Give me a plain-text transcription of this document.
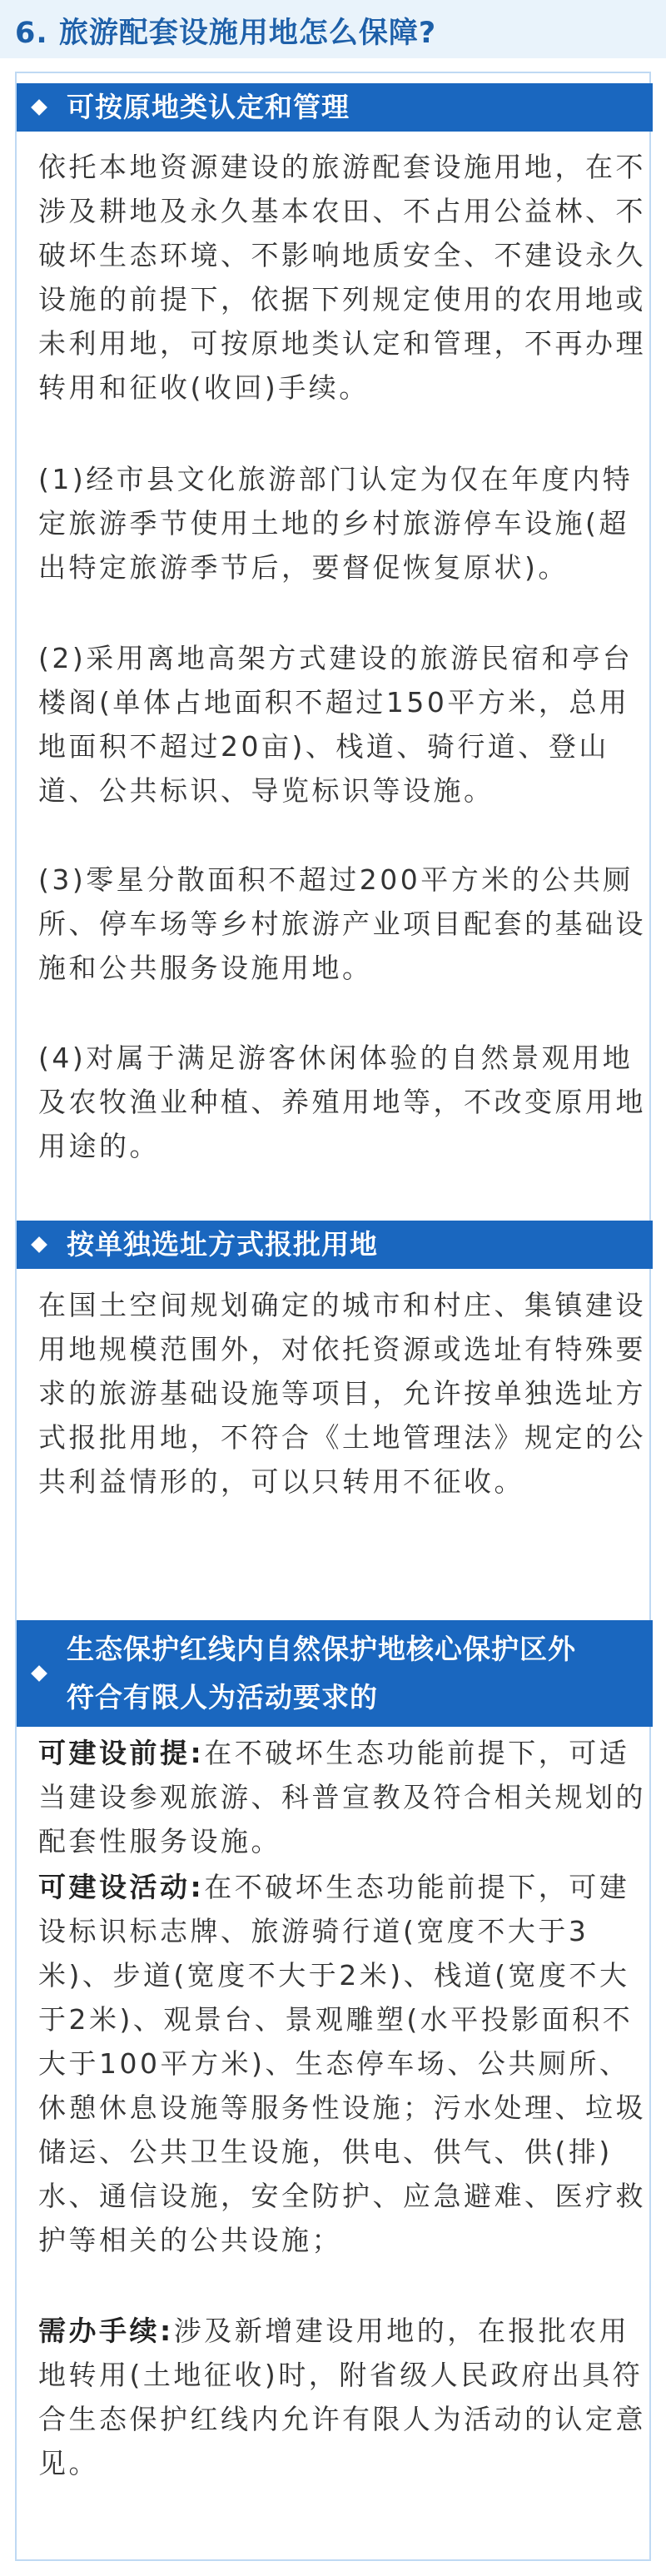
6. 旅游配套设施用地怎么保障?
可按原地类认定和管理

依托本地资源建设的旅游配套设施用地，在不涉及耕地及永久基本农田、不占用公益林、不破坏生态环境、不影响地质安全、不建设永久设施的前提下，依据下列规定使用的农用地或未利用地，可按原地类认定和管理，不再办理转用和征收(收回)手续。

(1)经市县文化旅游部门认定为仅在年度内特定旅游季节使用土地的乡村旅游停车设施(超出特定旅游季节后，要督促恢复原状)。

(2)采用离地高架方式建设的旅游民宿和亭台楼阁(单体占地面积不超过150平方米，总用地面积不超过20亩)、栈道、骑行道、登山道、公共标识、导览标识等设施。

(3)零星分散面积不超过200平方米的公共厕所、停车场等乡村旅游产业项目配套的基础设施和公共服务设施用地。

(4)对属于满足游客休闲体验的自然景观用地及农牧渔业种植、养殖用地等，不改变原用地用途的。

按单独选址方式报批用地

在国土空间规划确定的城市和村庄、集镇建设用地规模范围外，对依托资源或选址有特殊要求的旅游基础设施等项目，允许按单独选址方式报批用地，不符合《土地管理法》规定的公共利益情形的，可以只转用不征收。

生态保护红线内自然保护地核心保护区外
符合有限人为活动要求的

可建设前提:在不破坏生态功能前提下，可适当建设参观旅游、科普宣教及符合相关规划的配套性服务设施。

可建设活动:在不破坏生态功能前提下，可建设标识标志牌、旅游骑行道(宽度不大于3米)、步道(宽度不大于2米)、栈道(宽度不大于2米)、观景台、景观雕塑(水平投影面积不大于100平方米)、生态停车场、公共厕所、休憩休息设施等服务性设施；污水处理、垃圾储运、公共卫生设施，供电、供气、供(排)水、通信设施，安全防护、应急避难、医疗救护等相关的公共设施；

需办手续:涉及新增建设用地的，在报批农用地转用(土地征收)时，附省级人民政府出具符合生态保护红线内允许有限人为活动的认定意见。
